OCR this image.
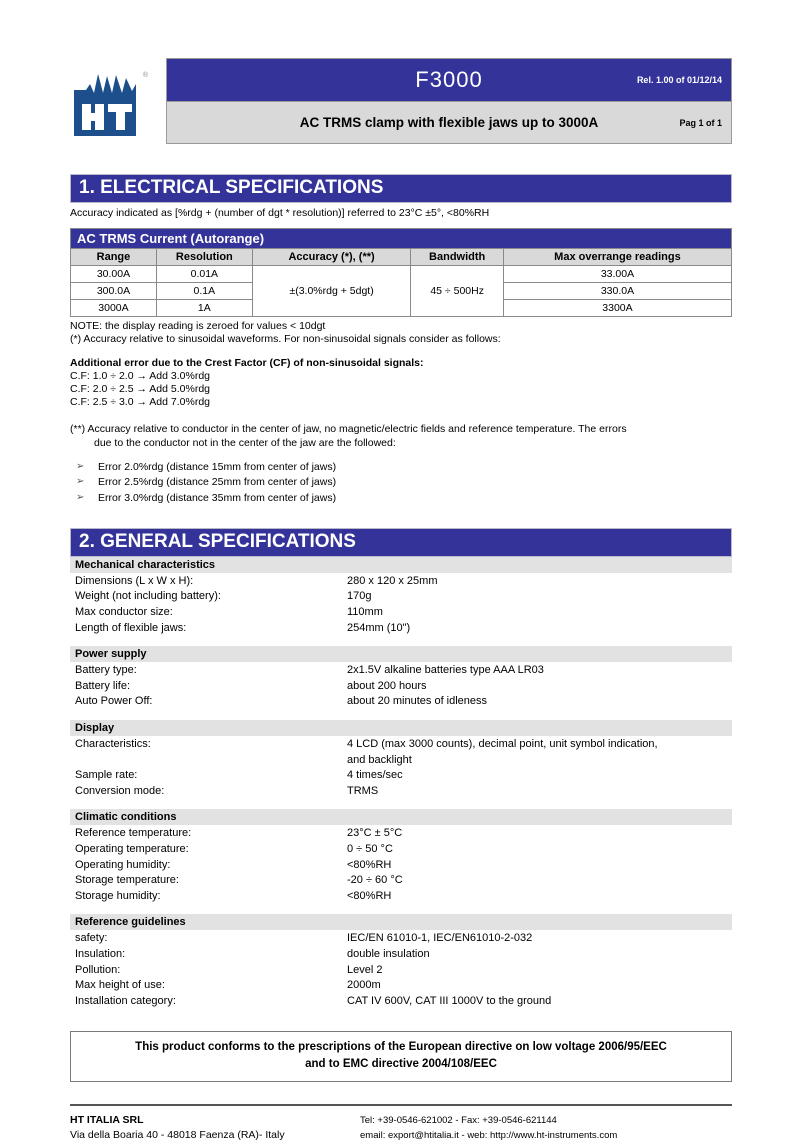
®	F3000	Rel. 1.00 of 01/12/14
AC TRMS clamp with flexible jaws up to 3000A	Pag 1 of 1
1. ELECTRICAL SPECIFICATIONS
Accuracy indicated as [%rdg + (number of dgt * resolution)] referred to 23°C ±5°, <80%RH
AC TRMS Current (Autorange)
Range	Resolution	Accuracy (*), (**)	Bandwidth	Max overrange readings
30.00A	0.01A	±(3.0%rdg + 5dgt)	45 ÷ 500Hz	33.00A
300.0A	0.1A			330.0A
3000A	1A			3300A
NOTE: the display reading is zeroed for values < 10dgt
(*) Accuracy relative to sinusoidal waveforms. For non-sinusoidal signals consider as follows:
Additional error due to the Crest Factor (CF) of non-sinusoidal signals:
C.F: 1.0 ÷ 2.0 → Add 3.0%rdg
C.F: 2.0 ÷ 2.5 → Add 5.0%rdg
C.F: 2.5 ÷ 3.0 → Add 7.0%rdg
(**) Accuracy relative to conductor in the center of jaw, no magnetic/electric fields and reference temperature. The errors
due to the conductor not in the center of the jaw are the followed:
➢	Error 2.0%rdg (distance 15mm from center of jaws)
➢	Error 2.5%rdg (distance 25mm from center of jaws)
➢	Error 3.0%rdg (distance 35mm from center of jaws)
2. GENERAL SPECIFICATIONS
Mechanical characteristics
Dimensions (L x W x H):	280 x 120 x 25mm
Weight (not including battery):	170g
Max conductor size:	110mm
Length of flexible jaws:	254mm (10")
Power supply
Battery type:	2x1.5V alkaline batteries type AAA LR03
Battery life:	about 200 hours
Auto Power Off:	about 20 minutes of idleness
Display
Characteristics:	4 LCD (max 3000 counts), decimal point, unit symbol indication,
and backlight
Sample rate:	4 times/sec
Conversion mode:	TRMS
Climatic conditions
Reference temperature:	23°C ± 5°C
Operating temperature:	0 ÷ 50 °C
Operating humidity:	<80%RH
Storage temperature:	-20 ÷ 60 °C
Storage humidity:	<80%RH
Reference guidelines
safety:	IEC/EN 61010-1, IEC/EN61010-2-032
Insulation:	double insulation
Pollution:	Level 2
Max height of use:	2000m
Installation category:	CAT IV 600V, CAT III 1000V to the ground
This product conforms to the prescriptions of the European directive on low voltage 2006/95/EEC
and to EMC directive 2004/108/EEC
HT ITALIA SRL
Via della Boaria 40 - 48018 Faenza (RA)- Italy
Tel: +39-0546-621002 - Fax: +39-0546-621144
email: export@htitalia.it - web: http://www.ht-instruments.com
